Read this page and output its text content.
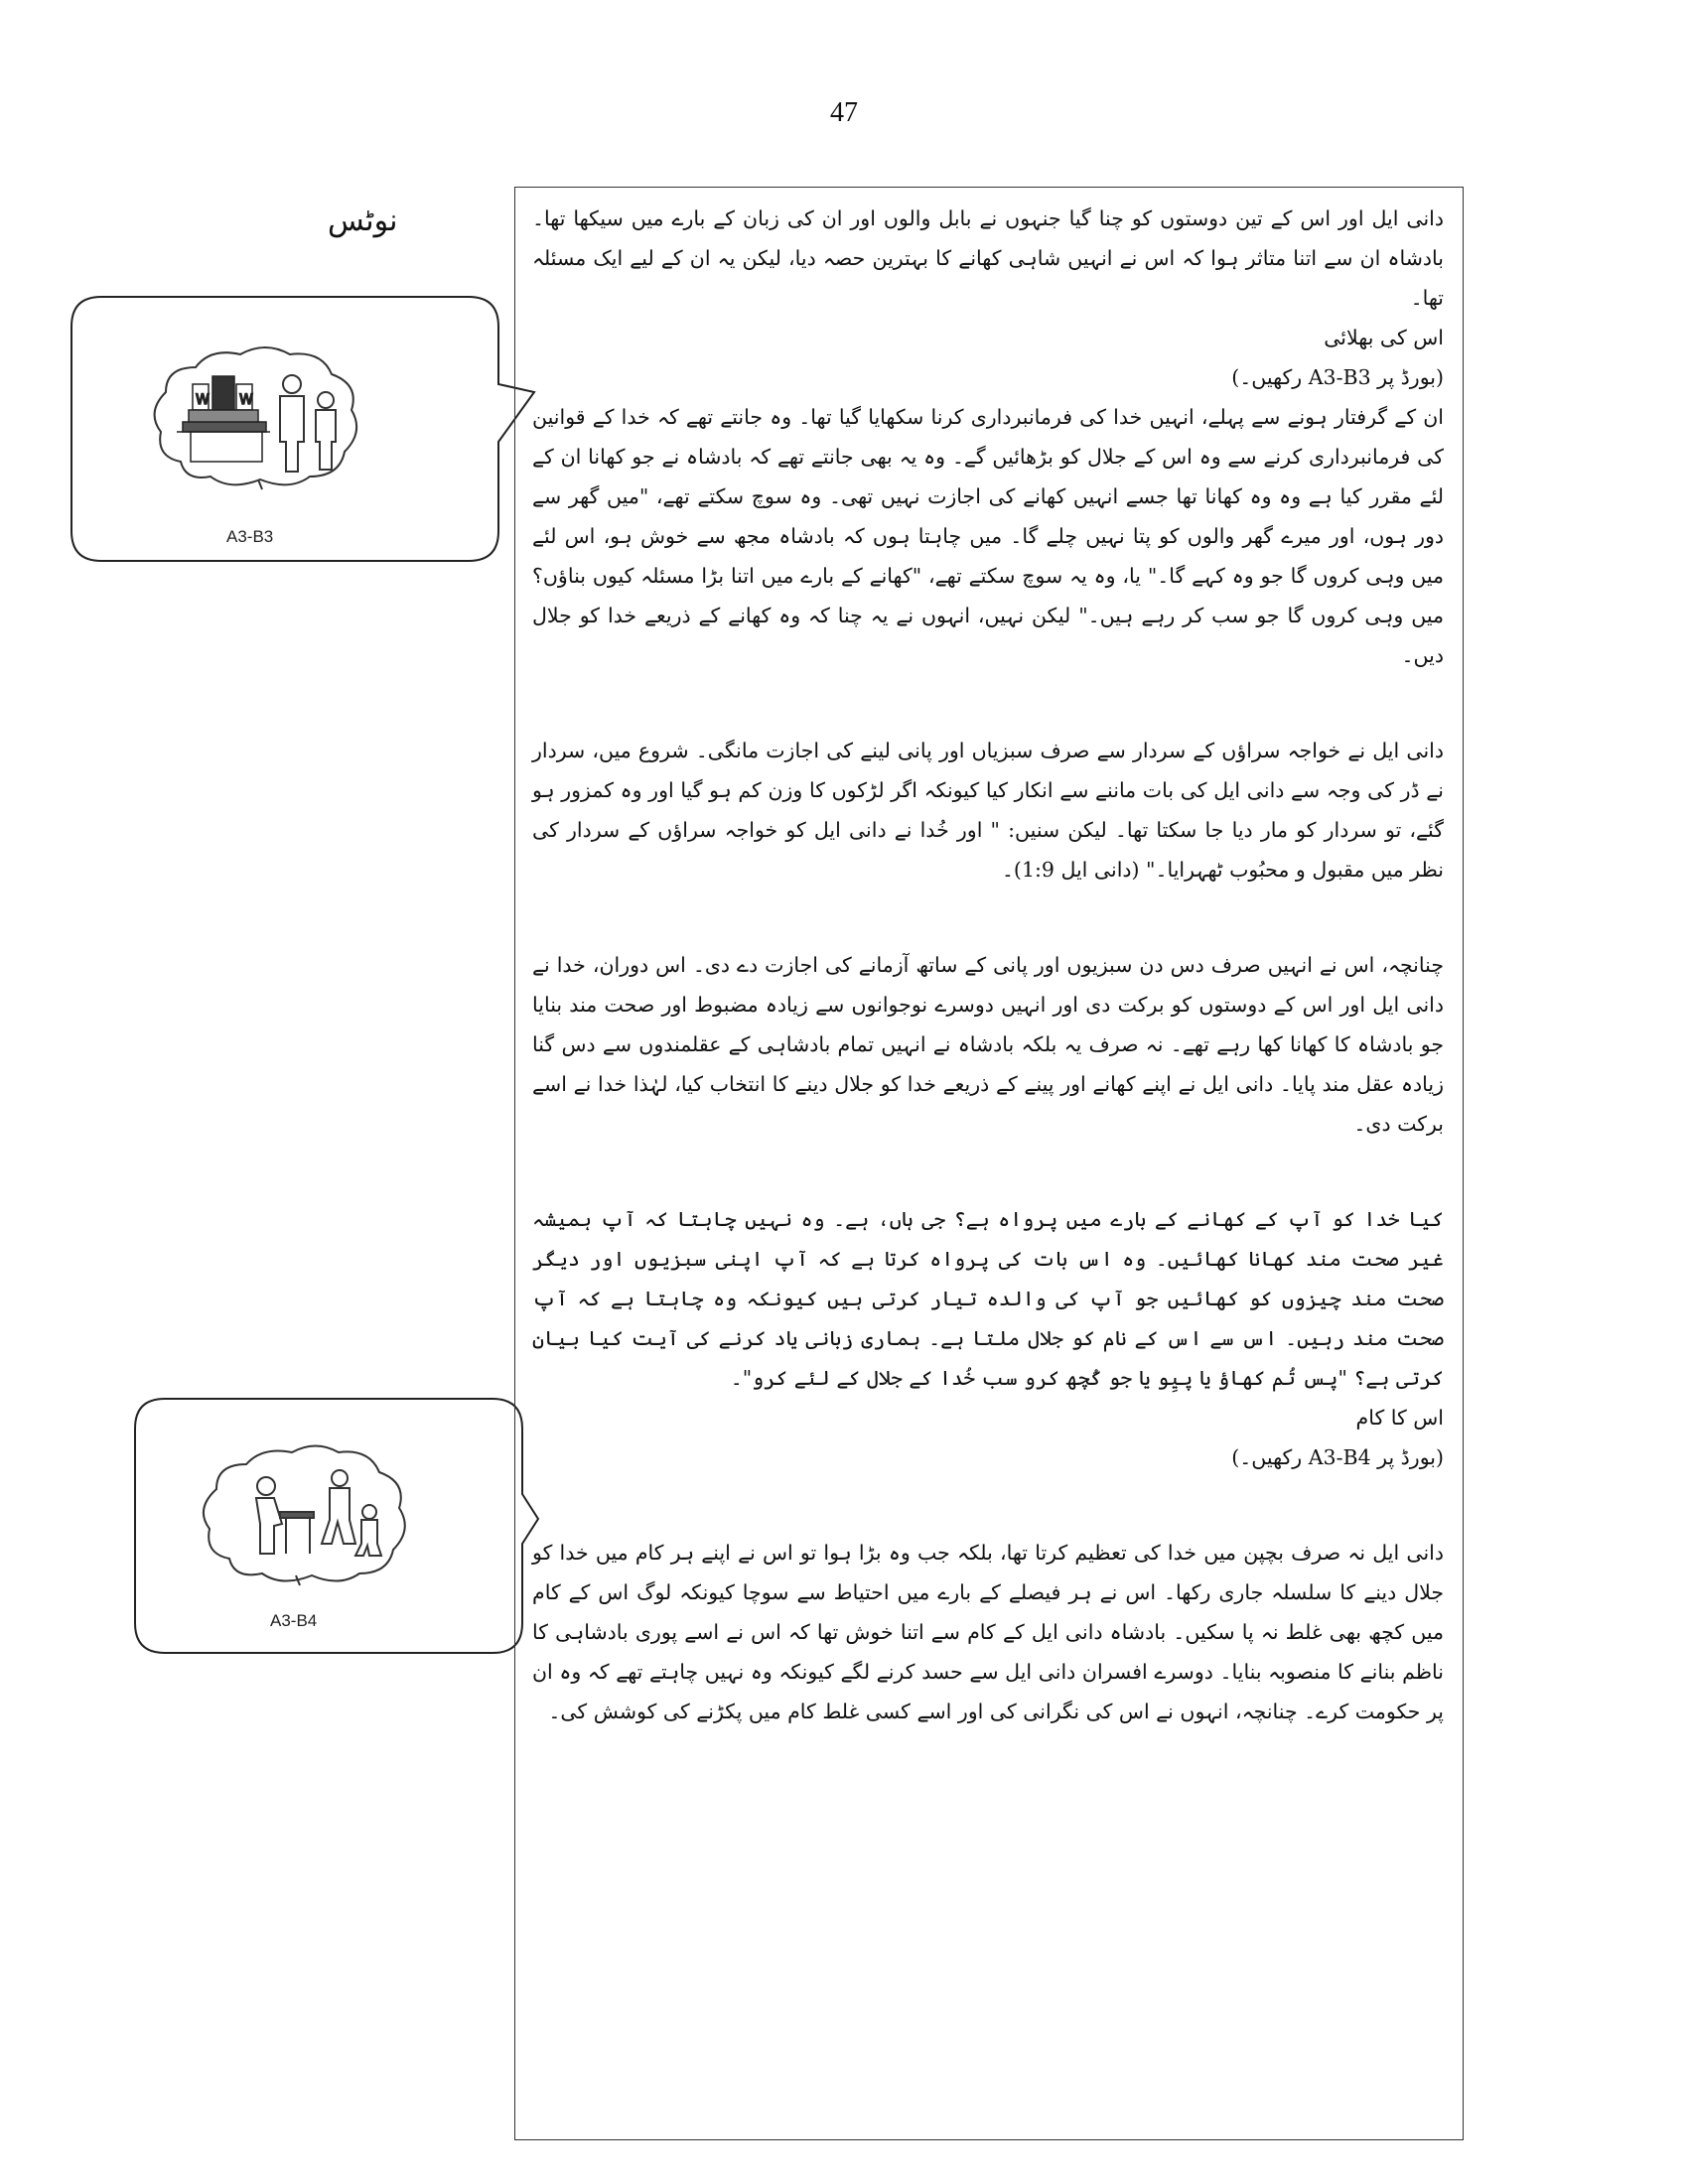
47
نوٹس
W W
A3-B3
A3-B4

دانی ایل اور اس کے تین دوستوں کو چنا گیا جنہوں نے بابل والوں اور ان کی زبان کے بارے میں سیکھا تھا۔ بادشاہ ان سے اتنا متاثر ہوا کہ اس نے انہیں شاہی کھانے کا بہترین حصہ دیا، لیکن یہ ان کے لیے ایک مسئلہ تھا۔

اس کی بھلائی

(بورڈ پر A3-B3 رکھیں۔)

ان کے گرفتار ہونے سے پہلے، انہیں خدا کی فرمانبرداری کرنا سکھایا گیا تھا۔ وہ جانتے تھے کہ خدا کے قوانین کی فرمانبرداری کرنے سے وہ اس کے جلال کو بڑھائیں گے۔ وہ یہ بھی جانتے تھے کہ بادشاہ نے جو کھانا ان کے لئے مقرر کیا ہے وہ وہ کھانا تھا جسے انہیں کھانے کی اجازت نہیں تھی۔ وہ سوچ سکتے تھے، "میں گھر سے دور ہوں، اور میرے گھر والوں کو پتا نہیں چلے گا۔ میں چاہتا ہوں کہ بادشاہ مجھ سے خوش ہو، اس لئے میں وہی کروں گا جو وہ کہے گا۔" یا، وہ یہ سوچ سکتے تھے، "کھانے کے بارے میں اتنا بڑا مسئلہ کیوں بناؤں؟ میں وہی کروں گا جو سب کر رہے ہیں۔" لیکن نہیں، انہوں نے یہ چنا کہ وہ کھانے کے ذریعے خدا کو جلال دیں۔

دانی ایل نے خواجہ سراؤں کے سردار سے صرف سبزیاں اور پانی لینے کی اجازت مانگی۔ شروع میں، سردار نے ڈر کی وجہ سے دانی ایل کی بات ماننے سے انکار کیا کیونکہ اگر لڑکوں کا وزن کم ہو گیا اور وہ کمزور ہو گئے، تو سردار کو مار دیا جا سکتا تھا۔ لیکن سنیں: " اور خُدا نے دانی ایل کو خواجہ سراؤں کے سردار کی نظر میں مقبول و محبُوب ٹھہرایا۔" (دانی ایل 1:9)۔

چنانچہ، اس نے انہیں صرف دس دن سبزیوں اور پانی کے ساتھ آزمانے کی اجازت دے دی۔ اس دوران، خدا نے دانی ایل اور اس کے دوستوں کو برکت دی اور انہیں دوسرے نوجوانوں سے زیادہ مضبوط اور صحت مند بنایا جو بادشاہ کا کھانا کھا رہے تھے۔ نہ صرف یہ بلکہ بادشاہ نے انہیں تمام بادشاہی کے عقلمندوں سے دس گنا زیادہ عقل مند پایا۔ دانی ایل نے اپنے کھانے اور پینے کے ذریعے خدا کو جلال دینے کا انتخاب کیا، لہٰذا خدا نے اسے برکت دی۔

کیا خدا کو آپ کے کھانے کے بارے میں پرواہ ہے؟ جی ہاں، ہے۔ وہ نہیں چاہتا کہ آپ ہمیشہ غیر صحت مند کھانا کھائیں۔ وہ اس بات کی پرواہ کرتا ہے کہ آپ اپنی سبزیوں اور دیگر صحت مند چیزوں کو کھائیں جو آپ کی والدہ تیار کرتی ہیں کیونکہ وہ چاہتا ہے کہ آپ صحت مند رہیں۔ اس سے اس کے نام کو جلال ملتا ہے۔ ہماری زبانی یاد کرنے کی آیت کیا بیان کرتی ہے؟ "پس تُم کھاؤ یا پیِو یا جو کُچھ کرو سب خُدا کے جلال کے لئے کرو"۔

اس کا کام

(بورڈ پر A3-B4 رکھیں۔)

دانی ایل نہ صرف بچپن میں خدا کی تعظیم کرتا تھا، بلکہ جب وہ بڑا ہوا تو اس نے اپنے ہر کام میں خدا کو جلال دینے کا سلسلہ جاری رکھا۔ اس نے ہر فیصلے کے بارے میں احتیاط سے سوچا کیونکہ لوگ اس کے کام میں کچھ بھی غلط نہ پا سکیں۔ بادشاہ دانی ایل کے کام سے اتنا خوش تھا کہ اس نے اسے پوری بادشاہی کا ناظم بنانے کا منصوبہ بنایا۔ دوسرے افسران دانی ایل سے حسد کرنے لگے کیونکہ وہ نہیں چاہتے تھے کہ وہ ان پر حکومت کرے۔ چنانچہ، انہوں نے اس کی نگرانی کی اور اسے کسی غلط کام میں پکڑنے کی کوشش کی۔
